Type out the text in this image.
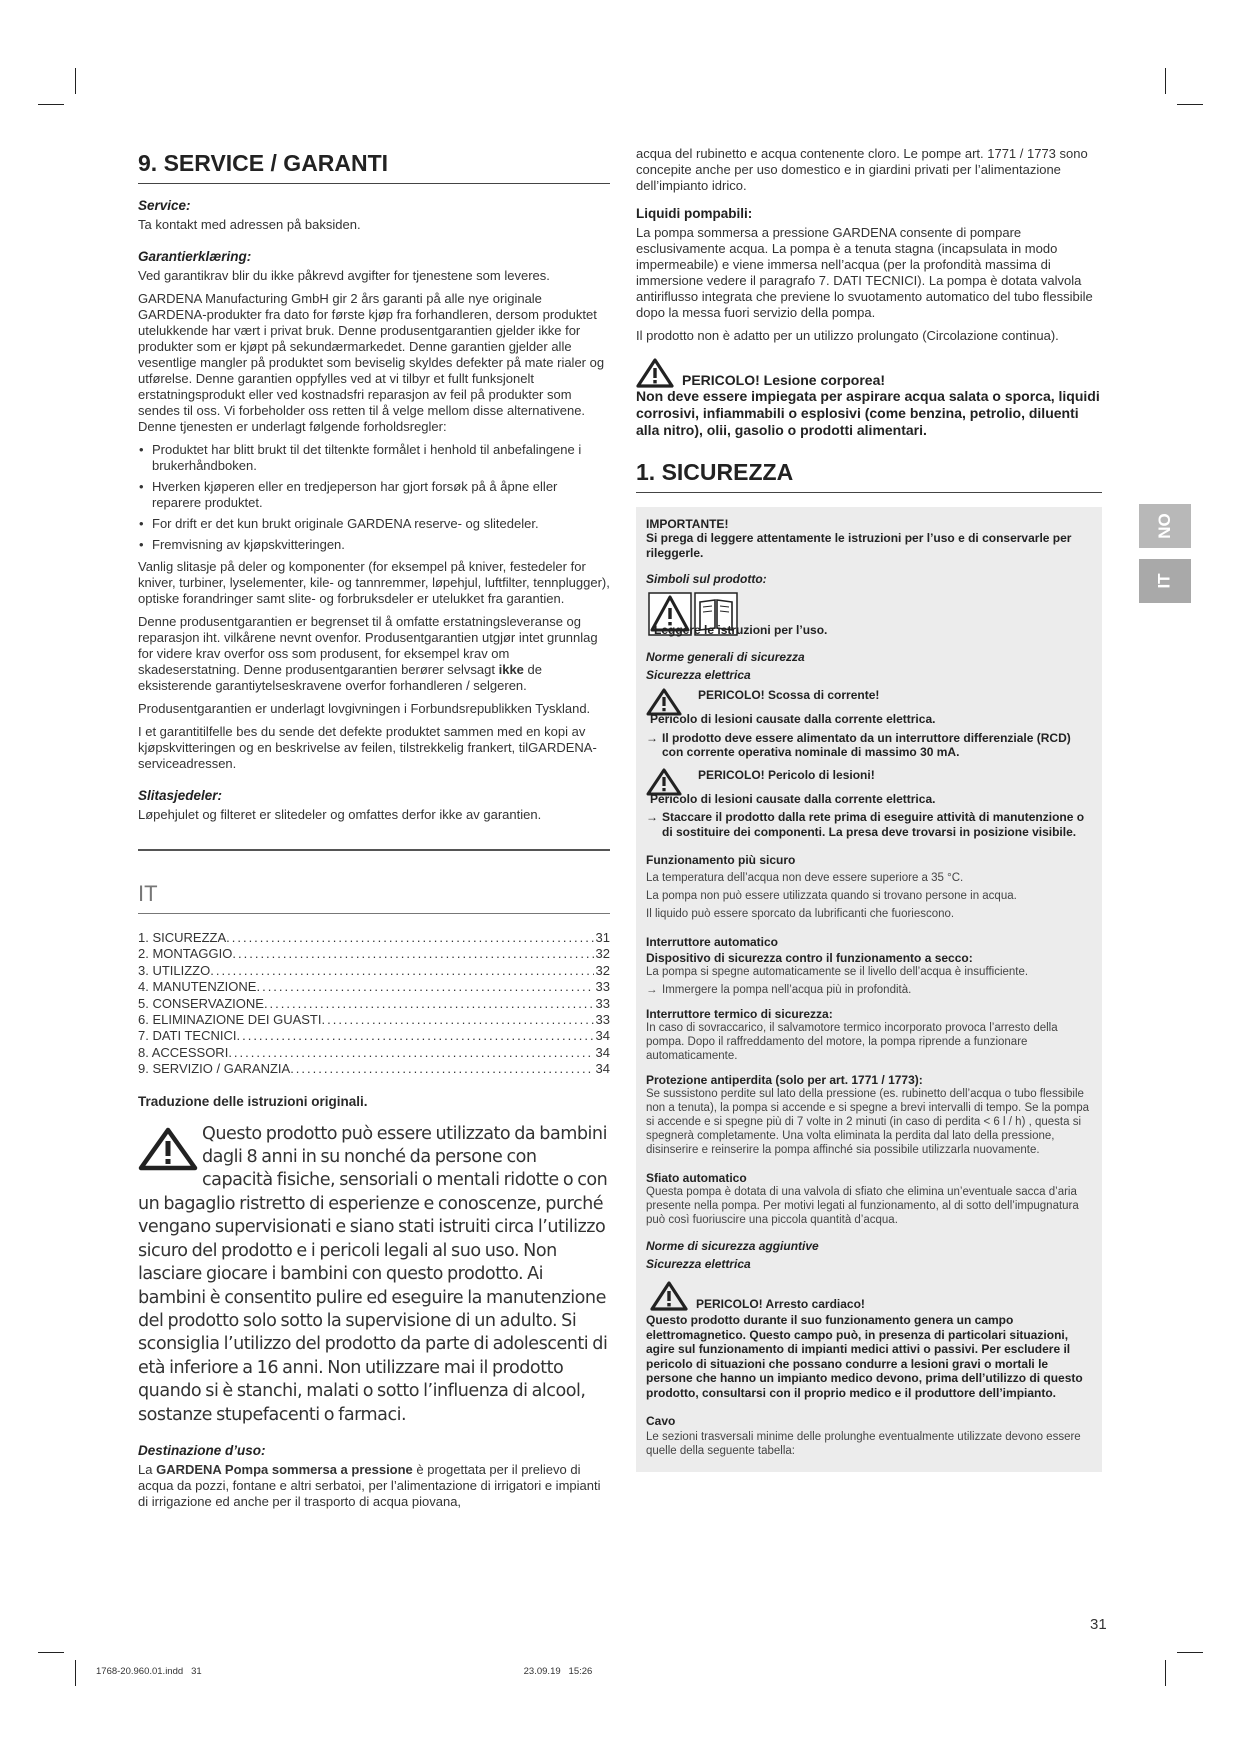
9. SERVICE / GARANTI
Service:

Ta kontakt med adressen på baksiden.

Garantierklæring:

Ved garantikrav blir du ikke påkrevd avgifter for tjenestene som leveres.

GARDENA Manufacturing GmbH gir 2 års garanti på alle nye originale GARDENA-produkter fra dato for første kjøp fra forhandleren, dersom produktet utelukkende har vært i privat bruk. Denne produsentgarantien gjelder ikke for produkter som er kjøpt på sekundærmarkedet. Denne garantien gjelder alle vesentlige mangler på produktet som beviselig skyldes defekter på mate rialer og utførelse. Denne garantien oppfylles ved at vi tilbyr et fullt funksjonelt erstatningsprodukt eller ved kostnadsfri reparasjon av feil på produkter som sendes til oss. Vi forbeholder oss retten til å velge mellom disse alternativene. Denne tjenesten er underlagt følgende forholdsregler:

• Produktet har blitt brukt til det tiltenkte formålet i henhold til anbefalingene i brukerhåndboken.
• Hverken kjøperen eller en tredjeperson har gjort forsøk på å åpne eller reparere produktet.
• For drift er det kun brukt originale GARDENA reserve- og slitedeler.
• Fremvisning av kjøpskvitteringen.

Vanlig slitasje på deler og komponenter (for eksempel på kniver, festedeler for kniver, turbiner, lyselementer, kile- og tannremmer, løpehjul, luftfilter, tennplugger), optiske forandringer samt slite- og forbruksdeler er utelukket fra garantien.

Denne produsentgarantien er begrenset til å omfatte erstatningsleveranse og reparasjon iht. vilkårene nevnt ovenfor. Produsentgarantien utgjør intet grunnlag for videre krav overfor oss som produsent, for eksempel krav om skadeserstatning. Denne produsentgarantien berører selvsagt ikke de eksisterende garantiytelseskravene overfor forhandleren / selgeren.

Produsentgarantien er underlagt lovgivningen i Forbundsrepublikken Tyskland.

I et garantitilfelle bes du sende det defekte produktet sammen med en kopi av kjøpskvitteringen og en beskrivelse av feilen, tilstrekkelig frankert, tilGARDENA-serviceadressen.

Slitasjedeler:

Løpehjulet og filteret er slitedeler og omfattes derfor ikke av garantien.

IT
1. SICUREZZA .....	31
2. MONTAGGIO .....	32
3. UTILIZZO .....	32
4. MANUTENZIONE .....	33
5. CONSERVAZIONE .....	33
6. ELIMINAZIONE DEI GUASTI .....	33
7. DATI TECNICI .....	34
8. ACCESSORI .....	34
9. SERVIZIO / GARANZIA .....	34
Traduzione delle istruzioni originali.
Questo prodotto può essere utilizzato da bambini dagli 8 anni in su nonché da persone con capacità fisiche, sensoriali o mentali ridotte o con un bagaglio ristretto di esperienze e conoscenze, purché vengano supervisionati e siano stati istruiti circa l’utilizzo sicuro del prodotto e i pericoli legali al suo uso. Non lasciare giocare i bambini con questo prodotto. Ai bambini è consentito pulire ed eseguire la manutenzione del prodotto solo sotto la supervisione di un adulto. Si sconsiglia l’utilizzo del prodotto da parte di adolescenti di età inferiore a 16 anni. Non utilizzare mai il prodotto quando si è stanchi, malati o sotto l’influenza di alcool, sostanze stupefacenti o farmaci.
Destinazione d’uso:

La GARDENA Pompa sommersa a pressione è progettata per il prelievo di acqua da pozzi, fontane e altri serbatoi, per l’alimentazione di irrigatori e impianti di irrigazione ed anche per il trasporto di acqua piovana,

acqua del rubinetto e acqua contenente cloro. Le pompe art. 1771 / 1773 sono concepite anche per uso domestico e in giardini privati per l’alimentazione dell’impianto idrico.

Liquidi pompabili:

La pompa sommersa a pressione GARDENA consente di pompare esclusivamente acqua. La pompa è a tenuta stagna (incapsulata in modo impermeabile) e viene immersa nell’acqua (per la profondità massima di immersione vedere il paragrafo 7. DATI TECNICI). La pompa è dotata valvola antiriflusso integrata che previene lo svuotamento automatico del tubo flessibile dopo la messa fuori servizio della pompa.

Il prodotto non è adatto per un utilizzo prolungato (Circolazione continua).

PERICOLO! Lesione corporea!
Non deve essere impiegata per aspirare acqua salata o sporca, liquidi corrosivi, infiammabili o esplosivi (come benzina, petrolio, diluenti alla nitro), olii, gasolio o prodotti alimentari.
1. SICUREZZA
IMPORTANTE!
Si prega di leggere attentamente le istruzioni per l’uso e di conservarle per rileggerle.
Simboli sul prodotto:
Leggere le istruzioni per l’uso.
Norme generali di sicurezza
Sicurezza elettrica
PERICOLO! Scossa di corrente!
Pericolo di lesioni causate dalla corrente elettrica.
→ Il prodotto deve essere alimentato da un interruttore differenziale (RCD) con corrente operativa nominale di massimo 30 mA.
PERICOLO! Pericolo di lesioni!
Pericolo di lesioni causate dalla corrente elettrica.
→ Staccare il prodotto dalla rete prima di eseguire attività di manutenzione o di sostituire dei componenti. La presa deve trovarsi in posizione visibile.
Funzionamento più sicuro
La temperatura dell’acqua non deve essere superiore a 35 °C.
La pompa non può essere utilizzata quando si trovano persone in acqua.
Il liquido può essere sporcato da lubrificanti che fuoriescono.
Interruttore automatico
Dispositivo di sicurezza contro il funzionamento a secco:
La pompa si spegne automaticamente se il livello dell’acqua è insufficiente.
→ Immergere la pompa nell’acqua più in profondità.
Interruttore termico di sicurezza:
In caso di sovraccarico, il salvamotore termico incorporato provoca l’arresto della pompa. Dopo il raffreddamento del motore, la pompa riprende a funzionare automaticamente.
Protezione antiperdita (solo per art. 1771 / 1773):
Se sussistono perdite sul lato della pressione (es. rubinetto dell’acqua o tubo flessibile non a tenuta), la pompa si accende e si spegne a brevi intervalli di tempo. Se la pompa si accende e si spegne più di 7 volte in 2 minuti (in caso di perdita < 6 l / h) , questa si spegnerà completamente. Una volta eliminata la perdita dal lato della pressione, disinserire e reinserire la pompa affinché sia possibile utilizzarla nuovamente.
Sfiato automatico
Questa pompa è dotata di una valvola di sfiato che elimina un’eventuale sacca d’aria presente nella pompa. Per motivi legati al funzionamento, al di sotto dell’impugnatura può così fuoriuscire una piccola quantità d’acqua.
Norme di sicurezza aggiuntive
Sicurezza elettrica
PERICOLO! Arresto cardiaco!
Questo prodotto durante il suo funzionamento genera un campo elettromagnetico. Questo campo può, in presenza di particolari situazioni, agire sul funzionamento di impianti medici attivi o passivi. Per escludere il pericolo di situazioni che possano condurre a lesioni gravi o mortali le persone che hanno un impianto medico devono, prima dell’utilizzo di questo prodotto, consultarsi con il proprio medico e il produttore dell’impianto.
Cavo
Le sezioni trasversali minime delle prolunghe eventualmente utilizzate devono essere quelle della seguente tabella:
NO
IT
31
1768-20.960.01.indd   31                                                                                                                          23.09.19   15:26
